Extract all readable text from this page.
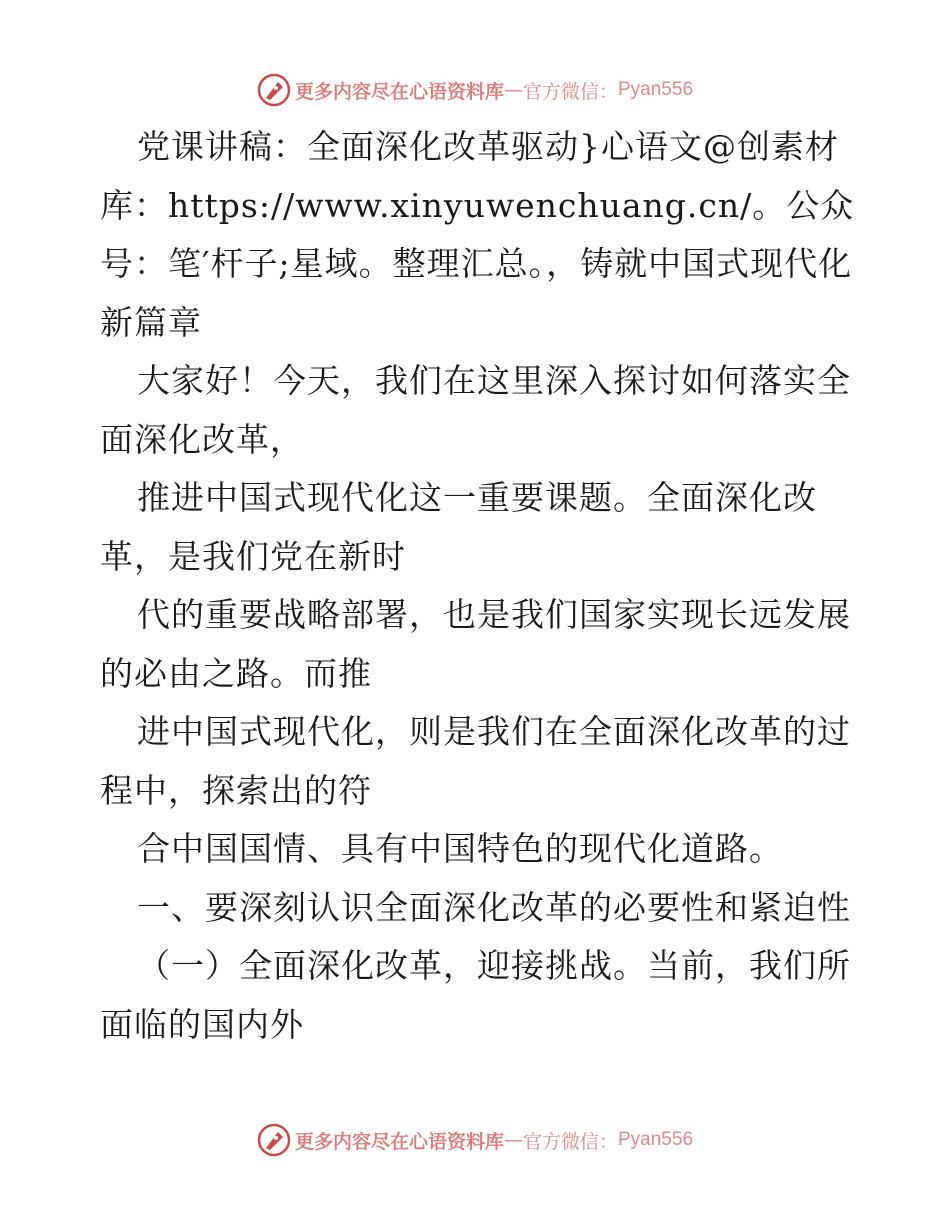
更多内容尽在心语资料库 — 官方微信： Pyan556

党课讲稿：全面深化改革驱动}心语文@创素材库：https://www.xinyuwenchuang.cn/。公众号：笔′杆子;星域。整理汇总。，铸就中国式现代化新篇章

大家好！今天，我们在这里深入探讨如何落实全面深化改革，

推进中国式现代化这一重要课题。全面深化改革，是我们党在新时

代的重要战略部署，也是我们国家实现长远发展的必由之路。而推

进中国式现代化，则是我们在全面深化改革的过程中，探索出的符

合中国国情、具有中国特色的现代化道路。

一、要深刻认识全面深化改革的必要性和紧迫性

（一）全面深化改革，迎接挑战。当前，我们所面临的国内外

更多内容尽在心语资料库 — 官方微信： Pyan556
